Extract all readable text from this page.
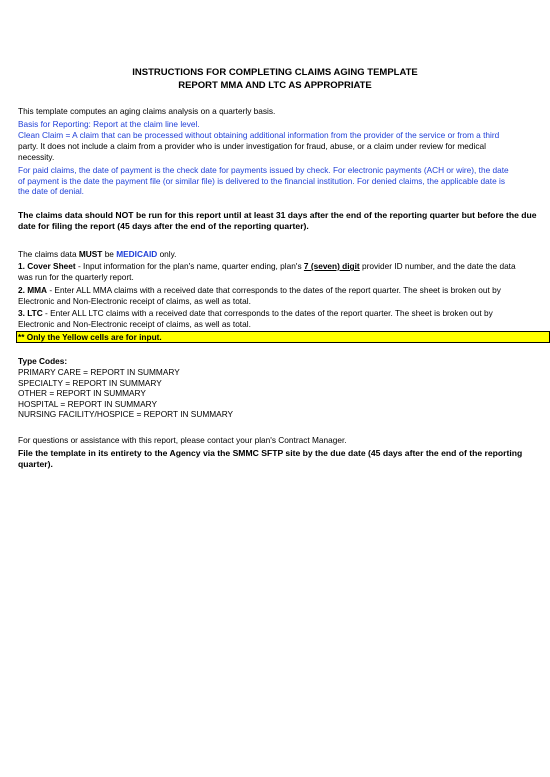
INSTRUCTIONS FOR COMPLETING CLAIMS AGING TEMPLATE
REPORT MMA AND LTC AS APPROPRIATE
This template computes an aging claims analysis on a quarterly basis.
Basis for Reporting: Report at the claim line level.
Clean Claim = A claim that can be processed without obtaining additional information from the provider of the service or from a third
party. It does not include a claim from a provider who is under investigation for fraud, abuse, or a claim under review for medical
necessity.
For paid claims, the date of payment is the check date for payments issued by check. For electronic payments (ACH or wire), the date
of payment is the date the payment file (or similar file) is delivered to the financial institution. For denied claims, the applicable date is
the date of denial.
The claims data should NOT be run for this report until at least 31 days after the end of the reporting quarter but before the due
date for filing the report (45 days after the end of the reporting quarter).
The claims data MUST be MEDICAID only.
1. Cover Sheet - Input information for the plan's name, quarter ending, plan's 7 (seven) digit provider ID number, and the date the data
was run for the quarterly report.
2. MMA - Enter ALL MMA claims with a received date that corresponds to the dates of the report quarter. The sheet is broken out by
Electronic and Non-Electronic receipt of claims, as well as total.
3. LTC - Enter ALL LTC claims with a received date that corresponds to the dates of the report quarter. The sheet is broken out by
Electronic and Non-Electronic receipt of claims, as well as total.
** Only the Yellow cells are for input.
Type Codes:
PRIMARY CARE = REPORT IN SUMMARY
SPECIALTY = REPORT IN SUMMARY
OTHER = REPORT IN SUMMARY
HOSPITAL = REPORT IN SUMMARY
NURSING FACILITY/HOSPICE = REPORT IN SUMMARY
For questions or assistance with this report, please contact your plan's Contract Manager.
File the template in its entirety to the Agency via the SMMC SFTP site by the due date (45 days after the end of the reporting
quarter).
